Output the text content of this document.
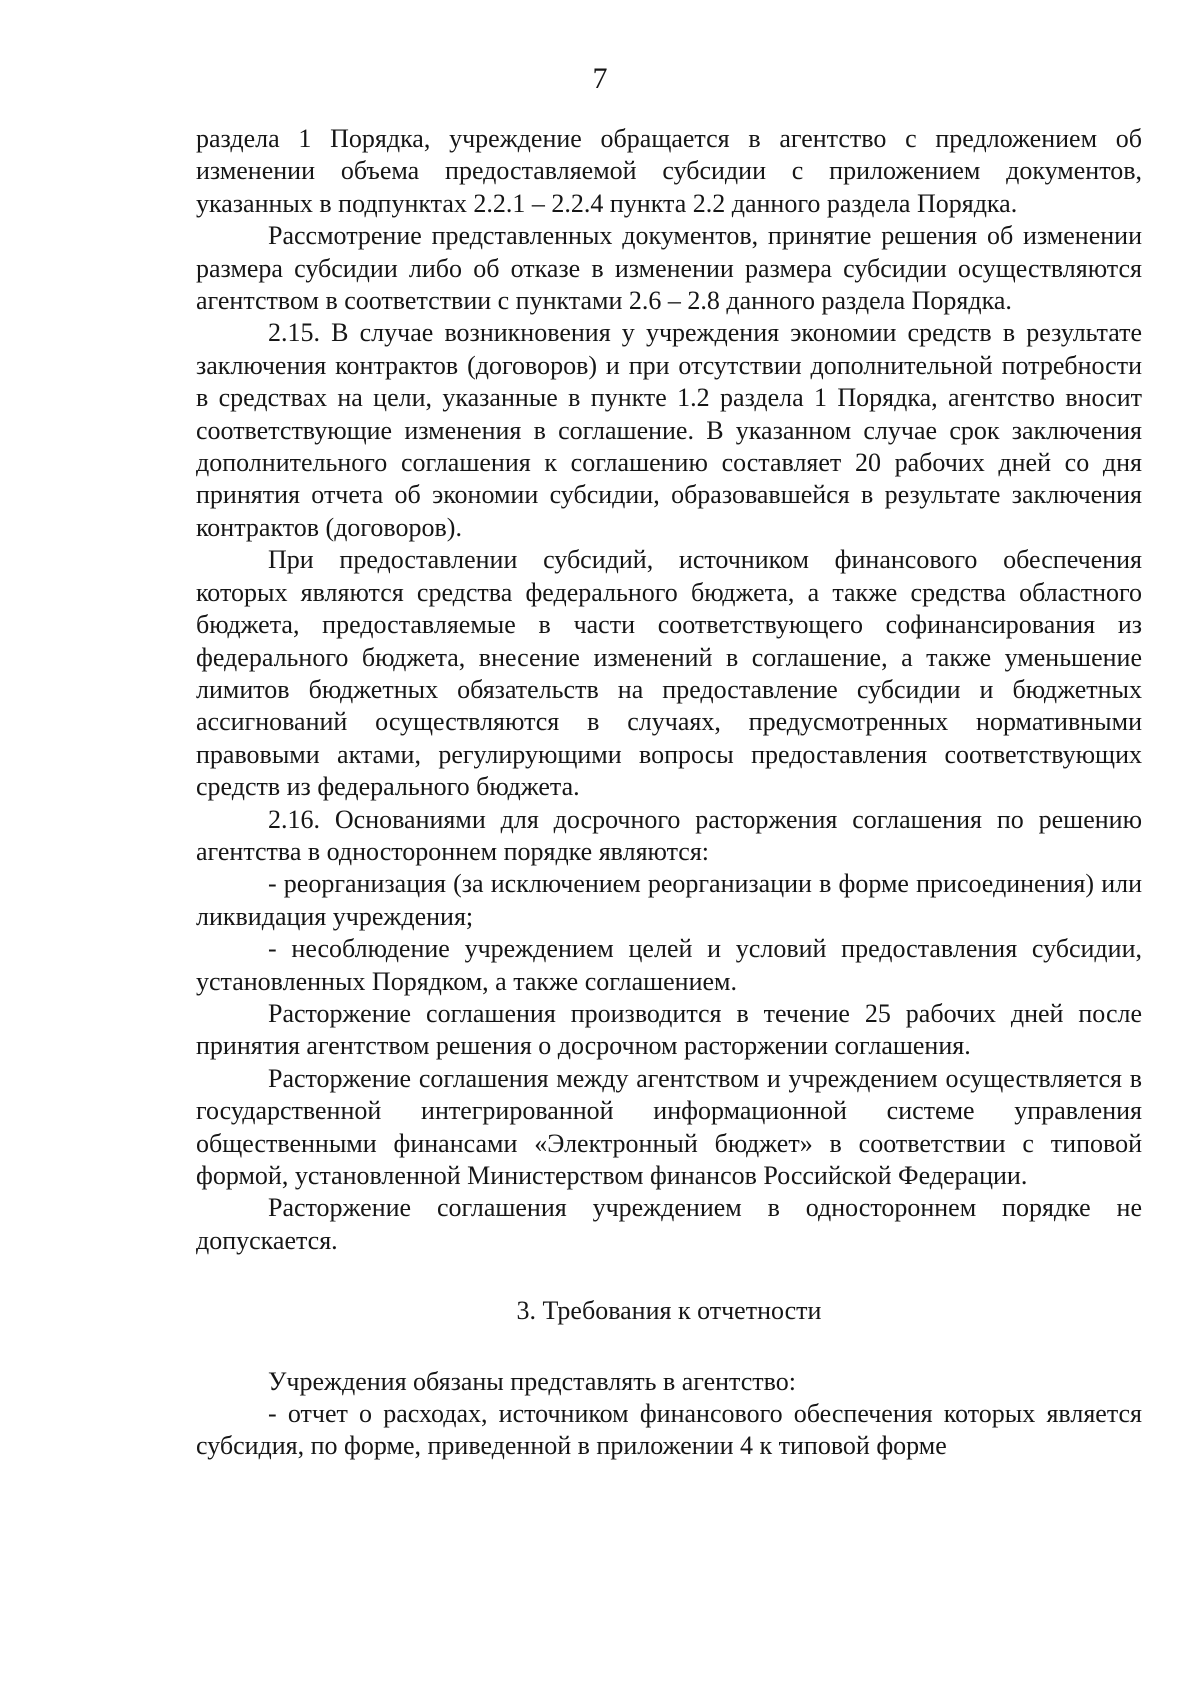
7

раздела 1 Порядка, учреждение обращается в агентство с предложением об изменении объема предоставляемой субсидии с приложением документов, указанных в подпунктах 2.2.1 – 2.2.4 пункта 2.2 данного раздела Порядка.

Рассмотрение представленных документов, принятие решения об изменении размера субсидии либо об отказе в изменении размера субсидии осуществляются агентством в соответствии с пунктами 2.6 – 2.8 данного раздела Порядка.

2.15. В случае возникновения у учреждения экономии средств в результате заключения контрактов (договоров) и при отсутствии дополнительной потребности в средствах на цели, указанные в пункте 1.2 раздела 1 Порядка, агентство вносит соответствующие изменения в соглашение. В указанном случае срок заключения дополнительного соглашения к соглашению составляет 20 рабочих дней со дня принятия отчета об экономии субсидии, образовавшейся в результате заключения контрактов (договоров).

При предоставлении субсидий, источником финансового обеспечения которых являются средства федерального бюджета, а также средства областного бюджета, предоставляемые в части соответствующего софинансирования из федерального бюджета, внесение изменений в соглашение, а также уменьшение лимитов бюджетных обязательств на предоставление субсидии и бюджетных ассигнований осуществляются в случаях, предусмотренных нормативными правовыми актами, регулирующими вопросы предоставления соответствующих средств из федерального бюджета.

2.16. Основаниями для досрочного расторжения соглашения по решению агентства в одностороннем порядке являются:

- реорганизация (за исключением реорганизации в форме присоединения) или ликвидация учреждения;

- несоблюдение учреждением целей и условий предоставления субсидии, установленных Порядком, а также соглашением.

Расторжение соглашения производится в течение 25 рабочих дней после принятия агентством решения о досрочном расторжении соглашения.

Расторжение соглашения между агентством и учреждением осуществляется в государственной интегрированной информационной системе управления общественными финансами «Электронный бюджет» в соответствии с типовой формой, установленной Министерством финансов Российской Федерации.

Расторжение соглашения учреждением в одностороннем порядке не допускается.

3. Требования к отчетности

Учреждения обязаны представлять в агентство:

- отчет о расходах, источником финансового обеспечения которых является субсидия, по форме, приведенной в приложении 4 к типовой форме
